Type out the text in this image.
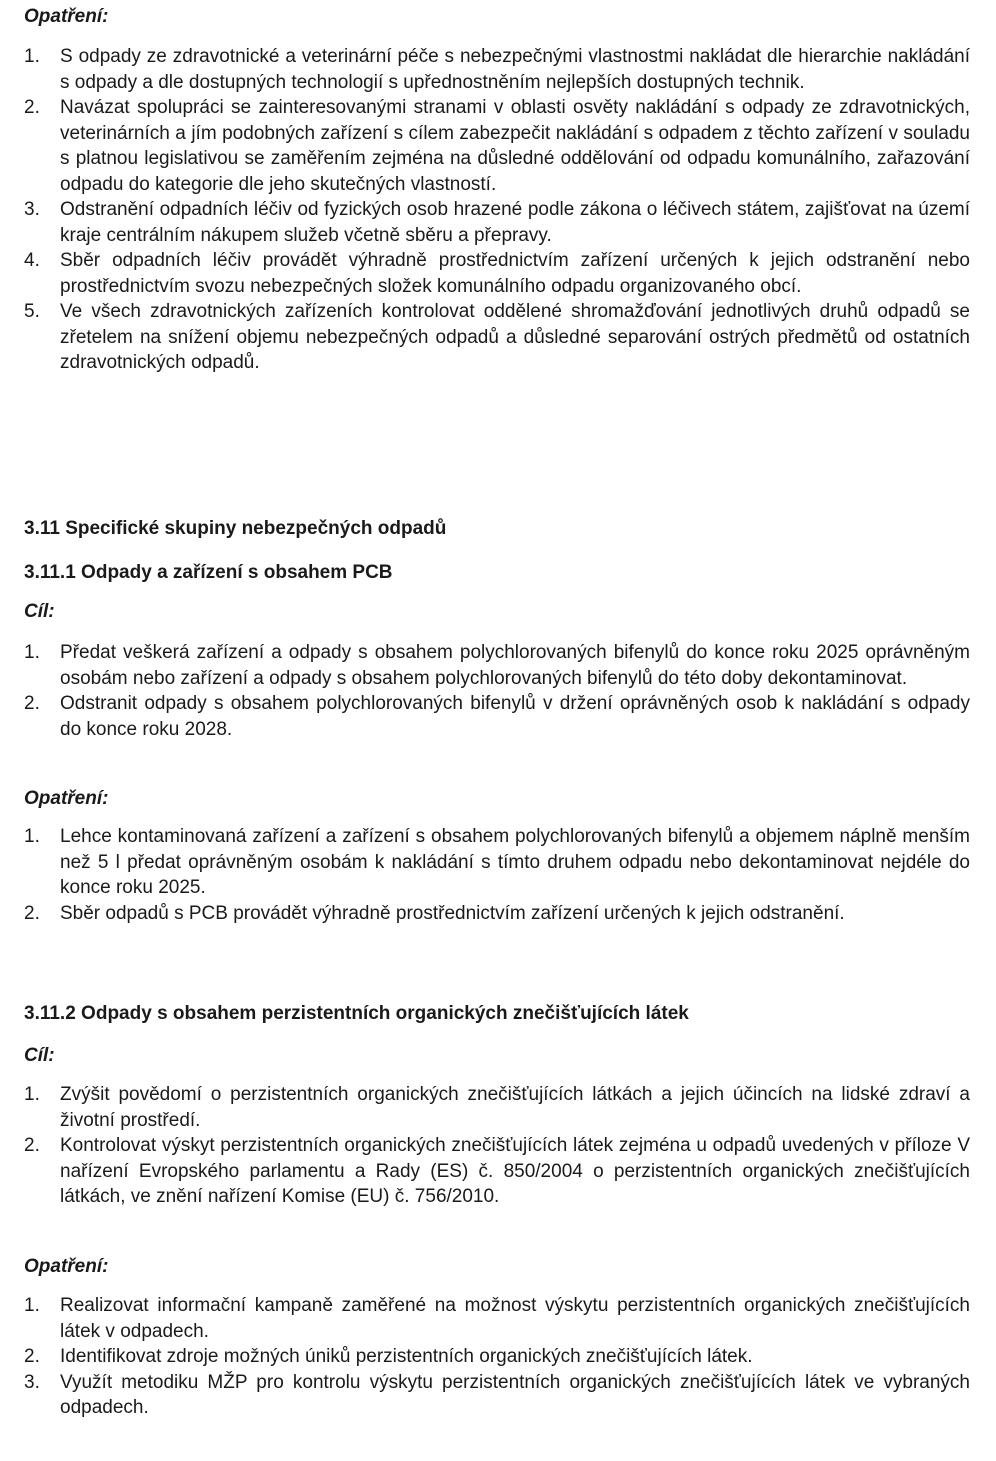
Opatření:

1. S odpady ze zdravotnické a veterinární péče s nebezpečnými vlastnostmi nakládat dle hierarchie nakládání s odpady a dle dostupných technologií s upřednostněním nejlepších dostupných technik.
2. Navázat spolupráci se zainteresovanými stranami v oblasti osvěty nakládání s odpady ze zdravotnických, veterinárních a jím podobných zařízení s cílem zabezpečit nakládání s odpadem z těchto zařízení v souladu s platnou legislativou se zaměřením zejména na důsledné oddělování od odpadu komunálního, zařazování odpadu do kategorie dle jeho skutečných vlastností.
3. Odstranění odpadních léčiv od fyzických osob hrazené podle zákona o léčivech státem, zajišťovat na území kraje centrálním nákupem služeb včetně sběru a přepravy.
4. Sběr odpadních léčiv provádět výhradně prostřednictvím zařízení určených k jejich odstranění nebo prostřednictvím svozu nebezpečných složek komunálního odpadu organizovaného obcí.
5. Ve všech zdravotnických zařízeních kontrolovat oddělené shromažďování jednotlivých druhů odpadů se zřetelem na snížení objemu nebezpečných odpadů a důsledné separování ostrých předmětů od ostatních zdravotnických odpadů.

3.11 Specifické skupiny nebezpečných odpadů

3.11.1 Odpady a zařízení s obsahem PCB

Cíl:

1. Předat veškerá zařízení a odpady s obsahem polychlorovaných bifenylů do konce roku 2025 oprávněným osobám nebo zařízení a odpady s obsahem polychlorovaných bifenylů do této doby dekontaminovat.
2. Odstranit odpady s obsahem polychlorovaných bifenylů v držení oprávněných osob k nakládání s odpady do konce roku 2028.

Opatření:

1. Lehce kontaminovaná zařízení a zařízení s obsahem polychlorovaných bifenylů a objemem náplně menším než 5 l předat oprávněným osobám k nakládání s tímto druhem odpadu nebo dekontaminovat nejdéle do konce roku 2025.
2. Sběr odpadů s PCB provádět výhradně prostřednictvím zařízení určených k jejich odstranění.

3.11.2 Odpady s obsahem perzistentních organických znečišťujících látek

Cíl:

1. Zvýšit povědomí o perzistentních organických znečišťujících látkách a jejich účincích na lidské zdraví a životní prostředí.
2. Kontrolovat výskyt perzistentních organických znečišťujících látek zejména u odpadů uvedených v příloze V nařízení Evropského parlamentu a Rady (ES) č. 850/2004 o perzistentních organických znečišťujících látkách, ve znění nařízení Komise (EU) č. 756/2010.

Opatření:

1. Realizovat informační kampaně zaměřené na možnost výskytu perzistentních organických znečišťujících látek v odpadech.
2. Identifikovat zdroje možných úniků perzistentních organických znečišťujících látek.
3. Využít metodiku MŽP pro kontrolu výskytu perzistentních organických znečišťujících látek ve vybraných odpadech.
